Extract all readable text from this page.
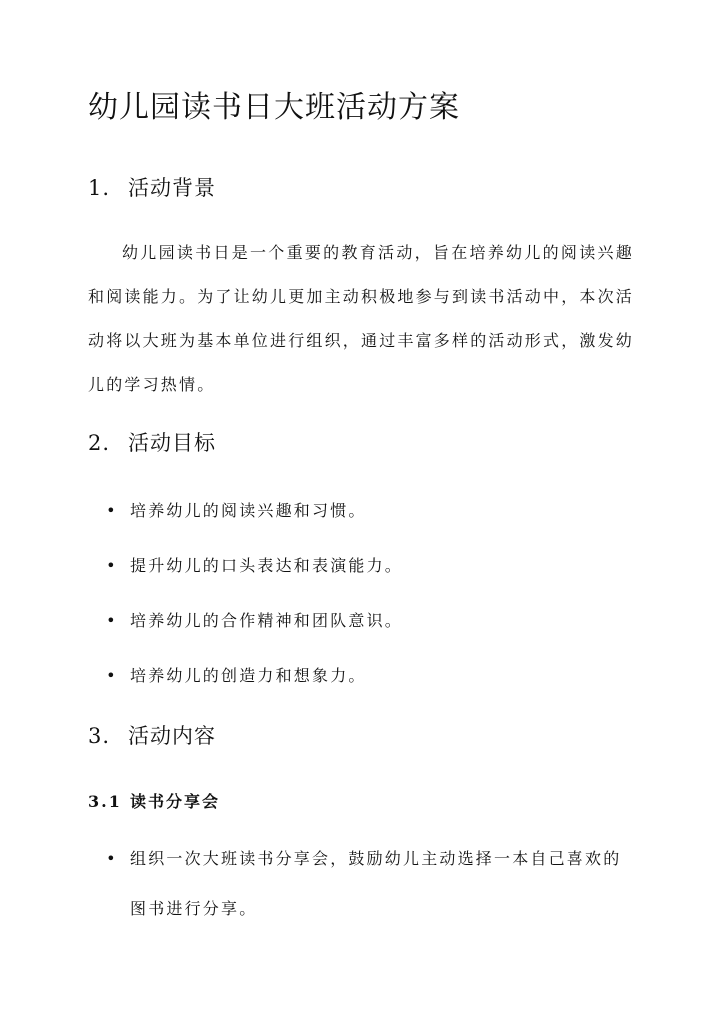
幼儿园读书日大班活动方案
1. 活动背景

幼儿园读书日是一个重要的教育活动，旨在培养幼儿的阅读兴趣和阅读能力。为了让幼儿更加主动积极地参与到读书活动中，本次活动将以大班为基本单位进行组织，通过丰富多样的活动形式，激发幼儿的学习热情。

2. 活动目标
• 培养幼儿的阅读兴趣和习惯。
• 提升幼儿的口头表达和表演能力。
• 培养幼儿的合作精神和团队意识。
• 培养幼儿的创造力和想象力。
3. 活动内容
3.1 读书分享会
• 组织一次大班读书分享会，鼓励幼儿主动选择一本自己喜欢的图书进行分享。
